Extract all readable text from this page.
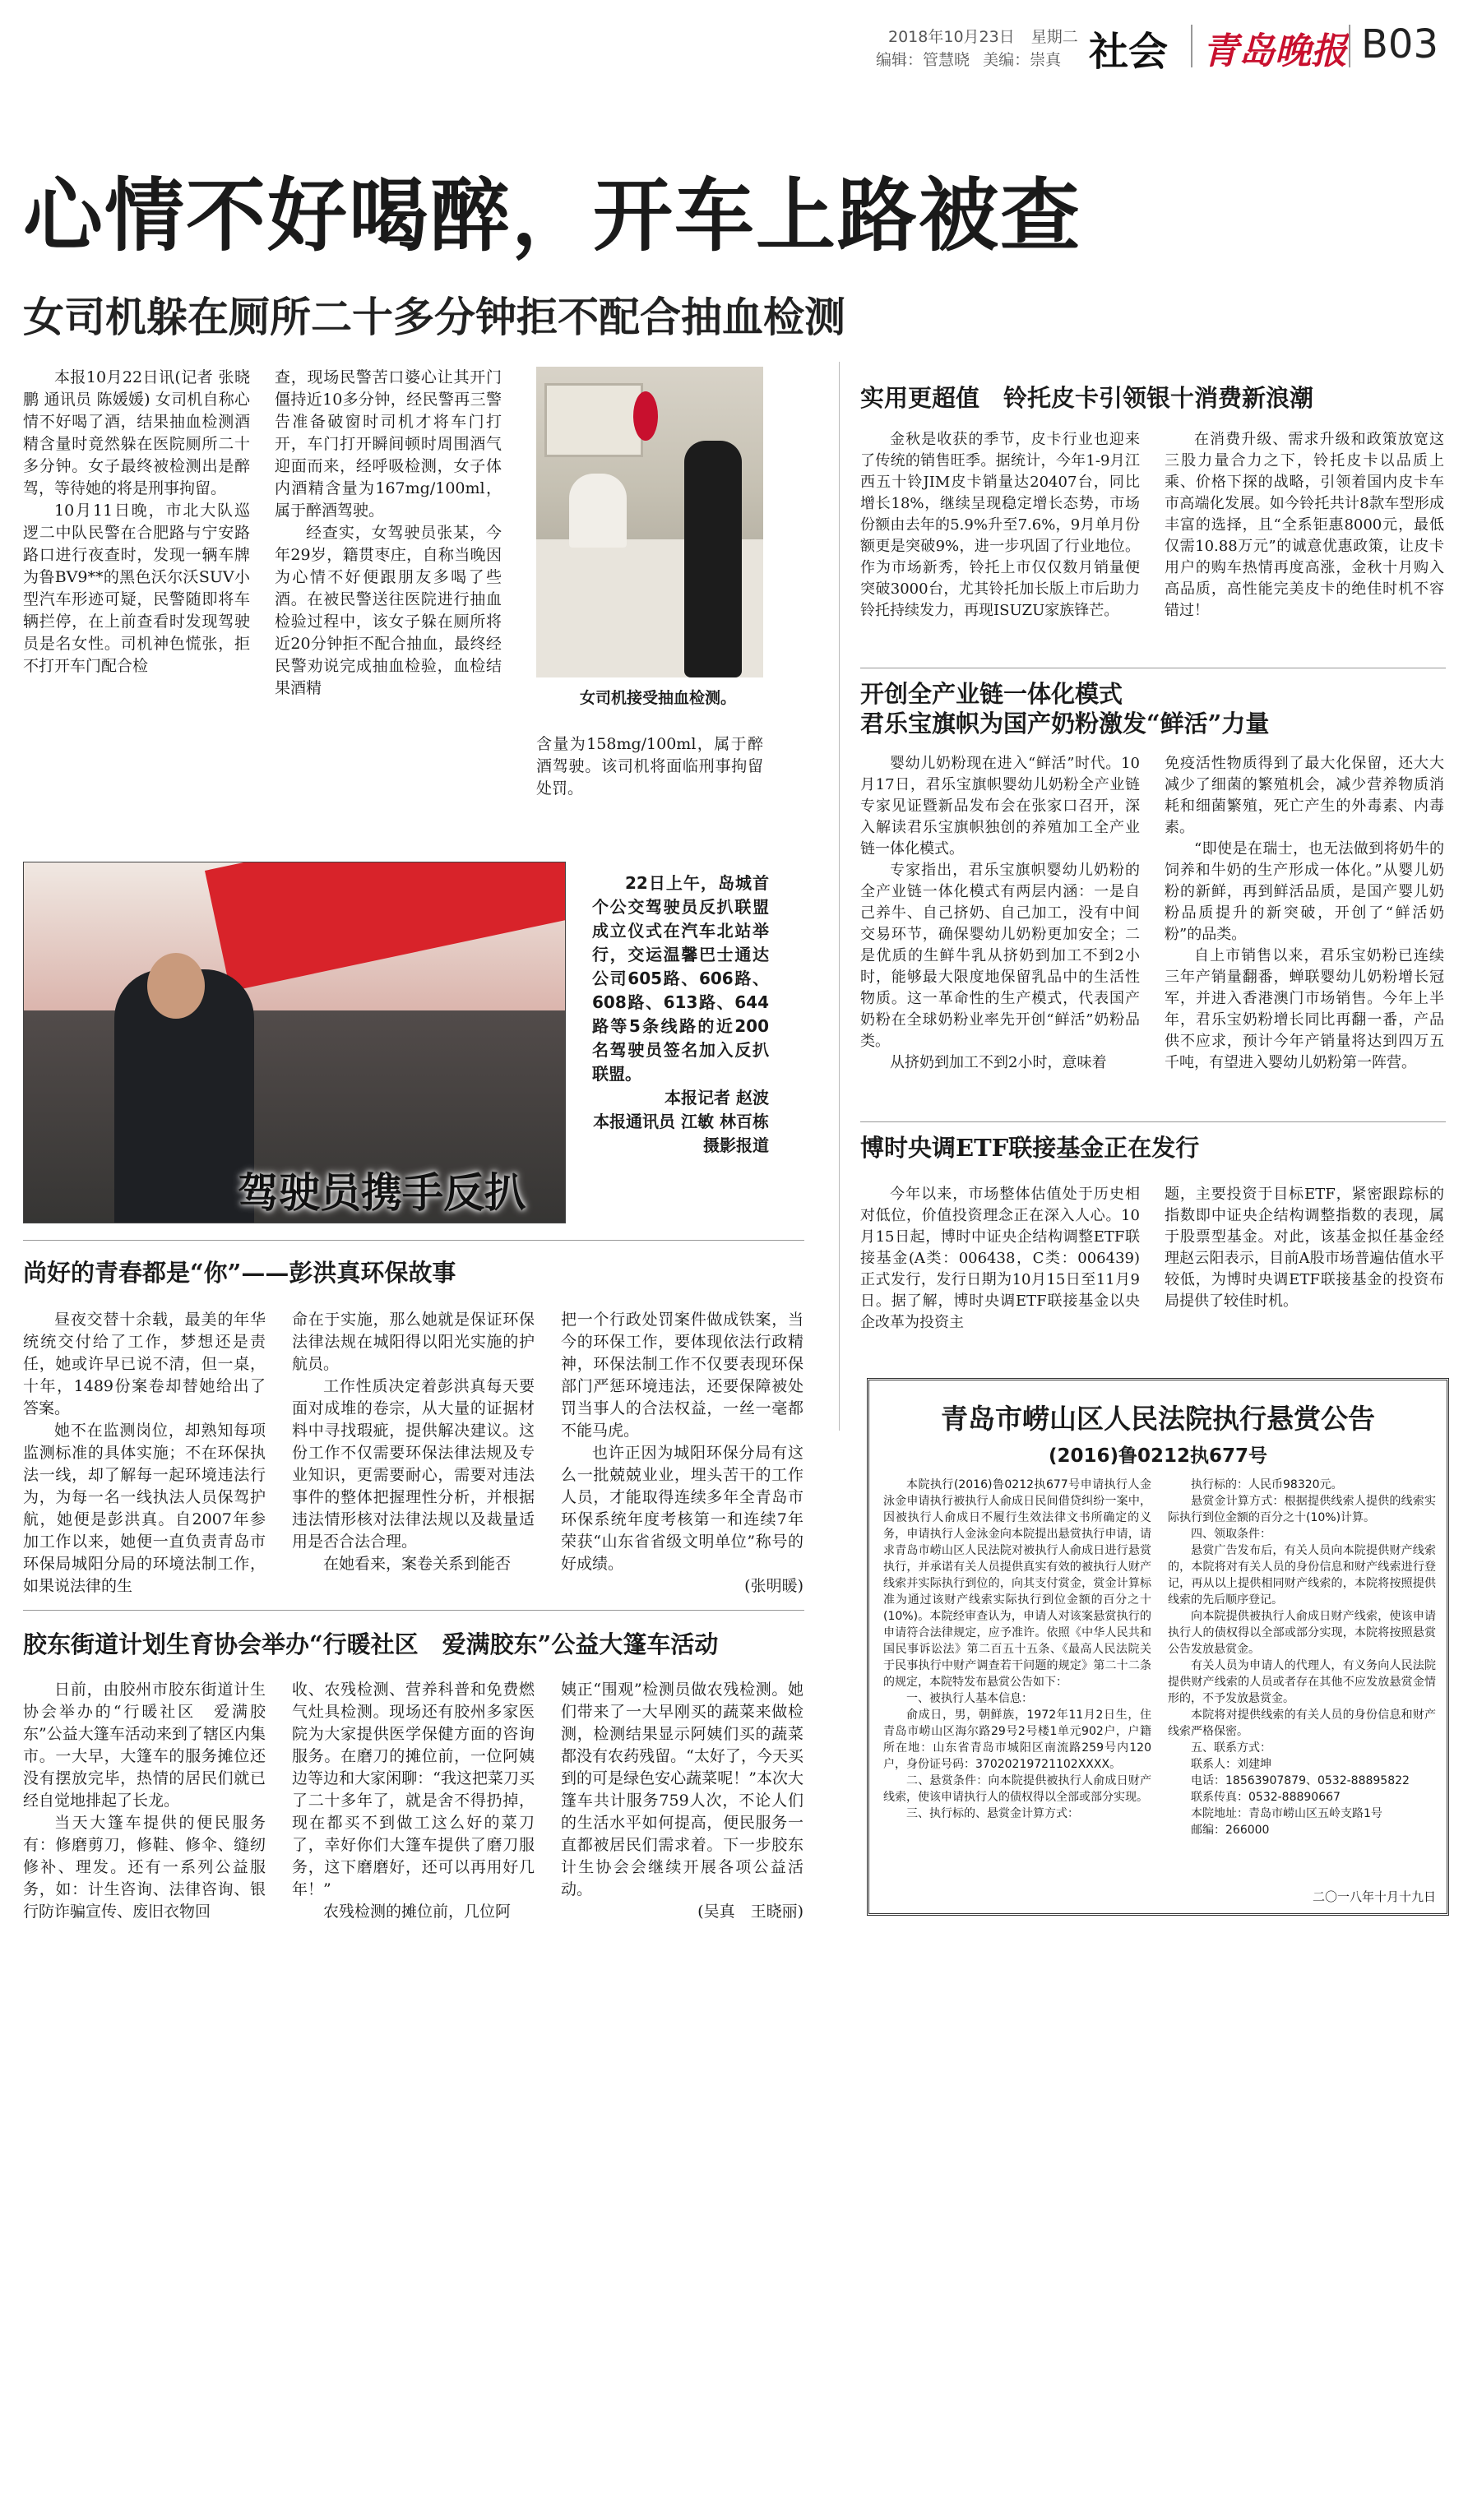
2018年10月23日 星期二
编辑：管慧晓 美编：崇真 社会 青岛晚报 B03
心情不好喝醉，开车上路被查
女司机躲在厕所二十多分钟拒不配合抽血检测

本报10月22日讯(记者 张晓鹏 通讯员 陈媛媛) 女司机自称心情不好喝了酒，结果抽血检测酒精含量时竟然躲在医院厕所二十多分钟。女子最终被检测出是醉驾，等待她的将是刑事拘留。

10月11日晚，市北大队巡逻二中队民警在合肥路与宁安路路口进行夜查时，发现一辆车牌为鲁BV9**的黑色沃尔沃SUV小型汽车形迹可疑，民警随即将车辆拦停，在上前查看时发现驾驶员是名女性。司机神色慌张，拒不打开车门配合检

查，现场民警苦口婆心让其开门僵持近10多分钟，经民警再三警告准备破窗时司机才将车门打开，车门打开瞬间顿时周围酒气迎面而来，经呼吸检测，女子体内酒精含量为167mg/100ml，属于醉酒驾驶。

经查实，女驾驶员张某，今年29岁，籍贯枣庄，自称当晚因为心情不好便跟朋友多喝了些酒。在被民警送往医院进行抽血检验过程中，该女子躲在厕所将近20分钟拒不配合抽血，最终经民警劝说完成抽血检验，血检结果酒精

女司机接受抽血检测。

含量为158mg/100ml，属于醉酒驾驶。该司机将面临刑事拘留处罚。

驾驶员携手反扒

22日上午，岛城首个公交驾驶员反扒联盟成立仪式在汽车北站举行，交运温馨巴士通达公司605路、606路、608路、613路、644路等5条线路的近200名驾驶员签名加入反扒联盟。

本报记者 赵波

本报通讯员 江敏 林百栋

摄影报道

尚好的青春都是“你”——彭洪真环保故事

昼夜交替十余载，最美的年华统统交付给了工作，梦想还是责任，她或许早已说不清，但一桌，十年，1489份案卷却替她给出了答案。

她不在监测岗位，却熟知每项监测标准的具体实施；不在环保执法一线，却了解每一起环境违法行为，为每一名一线执法人员保驾护航，她便是彭洪真。自2007年参加工作以来，她便一直负责青岛市环保局城阳分局的环境法制工作，如果说法律的生

命在于实施，那么她就是保证环保法律法规在城阳得以阳光实施的护航员。

工作性质决定着彭洪真每天要面对成堆的卷宗，从大量的证据材料中寻找瑕疵，提供解决建议。这份工作不仅需要环保法律法规及专业知识，更需要耐心，需要对违法事件的整体把握理性分析，并根据违法情形核对法律法规以及裁量适用是否合法合理。

在她看来，案卷关系到能否

把一个行政处罚案件做成铁案，当今的环保工作，要体现依法行政精神，环保法制工作不仅要表现环保部门严惩环境违法，还要保障被处罚当事人的合法权益，一丝一毫都不能马虎。

也许正因为城阳环保分局有这么一批兢兢业业，埋头苦干的工作人员，才能取得连续多年全青岛市环保系统年度考核第一和连续7年荣获“山东省省级文明单位”称号的好成绩。

(张明暖)

胶东街道计划生育协会举办“行暖社区　爱满胶东”公益大篷车活动

日前，由胶州市胶东街道计生协会举办的“行暖社区　爱满胶东”公益大篷车活动来到了辖区内集市。一大早，大篷车的服务摊位还没有摆放完毕，热情的居民们就已经自觉地排起了长龙。

当天大篷车提供的便民服务有：修磨剪刀，修鞋、修伞、缝纫修补、理发。还有一系列公益服务，如：计生咨询、法律咨询、银行防诈骗宣传、废旧衣物回

收、农残检测、营养科普和免费燃气灶具检测。现场还有胶州多家医院为大家提供医学保健方面的咨询服务。在磨刀的摊位前，一位阿姨边等边和大家闲聊：“我这把菜刀买了二十多年了，就是舍不得扔掉，现在都买不到做工这么好的菜刀了，幸好你们大篷车提供了磨刀服务，这下磨磨好，还可以再用好几年！”

农残检测的摊位前，几位阿

姨正“围观”检测员做农残检测。她们带来了一大早刚买的蔬菜来做检测，检测结果显示阿姨们买的蔬菜都没有农药残留。“太好了，今天买到的可是绿色安心蔬菜呢！”本次大篷车共计服务759人次，不论人们的生活水平如何提高，便民服务一直都被居民们需求着。下一步胶东计生协会会继续开展各项公益活动。

(吴真　王晓丽)

实用更超值　铃托皮卡引领银十消费新浪潮

金秋是收获的季节，皮卡行业也迎来了传统的销售旺季。据统计，今年1-9月江西五十铃JIM皮卡销量达20407台，同比增长18%，继续呈现稳定增长态势，市场份额由去年的5.9%升至7.6%，9月单月份额更是突破9%，进一步巩固了行业地位。作为市场新秀，铃托上市仅仅数月销量便突破3000台，尤其铃托加长版上市后助力铃托持续发力，再现ISUZU家族锋芒。

在消费升级、需求升级和政策放宽这三股力量合力之下，铃托皮卡以品质上乘、价格下探的战略，引领着国内皮卡车市高端化发展。如今铃托共计8款车型形成丰富的选择，且“全系钜惠8000元，最低仅需10.88万元”的诚意优惠政策，让皮卡用户的购车热情再度高涨，金秋十月购入高品质，高性能完美皮卡的绝佳时机不容错过！

开创全产业链一体化模式
君乐宝旗帜为国产奶粉激发“鲜活”力量

婴幼儿奶粉现在进入“鲜活”时代。10月17日，君乐宝旗帜婴幼儿奶粉全产业链专家见证暨新品发布会在张家口召开，深入解读君乐宝旗帜独创的养殖加工全产业链一体化模式。

专家指出，君乐宝旗帜婴幼儿奶粉的全产业链一体化模式有两层内涵：一是自己养牛、自己挤奶、自己加工，没有中间交易环节，确保婴幼儿奶粉更加安全；二是优质的生鲜牛乳从挤奶到加工不到2小时，能够最大限度地保留乳品中的生活性物质。这一革命性的生产模式，代表国产奶粉在全球奶粉业率先开创“鲜活”奶粉品类。

从挤奶到加工不到2小时，意味着

免疫活性物质得到了最大化保留，还大大减少了细菌的繁殖机会，减少营养物质消耗和细菌繁殖，死亡产生的外毒素、内毒素。

“即使是在瑞士，也无法做到将奶牛的饲养和牛奶的生产形成一体化。”从婴儿奶粉的新鲜，再到鲜活品质，是国产婴儿奶粉品质提升的新突破，开创了“鲜活奶粉”的品类。

自上市销售以来，君乐宝奶粉已连续三年产销量翻番，蝉联婴幼儿奶粉增长冠军，并进入香港澳门市场销售。今年上半年，君乐宝奶粉增长同比再翻一番，产品供不应求，预计今年产销量将达到四万五千吨，有望进入婴幼儿奶粉第一阵营。

博时央调ETF联接基金正在发行

今年以来，市场整体估值处于历史相对低位，价值投资理念正在深入人心。10月15日起，博时中证央企结构调整ETF联接基金(A类：006438，C类：006439)正式发行，发行日期为10月15日至11月9日。据了解，博时央调ETF联接基金以央企改革为投资主

题，主要投资于目标ETF，紧密跟踪标的指数即中证央企结构调整指数的表现，属于股票型基金。对此，该基金拟任基金经理赵云阳表示，目前A股市场普遍估值水平较低，为博时央调ETF联接基金的投资布局提供了较佳时机。

青岛市崂山区人民法院执行悬赏公告
(2016)鲁0212执677号

本院执行(2016)鲁0212执677号申请执行人金泳金申请执行被执行人俞成日民间借贷纠纷一案中，因被执行人俞成日不履行生效法律文书所确定的义务，申请执行人金泳金向本院提出悬赏执行申请，请求青岛市崂山区人民法院对被执行人俞成日进行悬赏执行，并承诺有关人员提供真实有效的被执行人财产线索并实际执行到位的，向其支付赏金，赏金计算标准为通过该财产线索实际执行到位金额的百分之十(10%)。本院经审查认为，申请人对该案悬赏执行的申请符合法律规定，应予准许。依照《中华人民共和国民事诉讼法》第二百五十五条、《最高人民法院关于民事执行中财产调查若干问题的规定》第二十二条的规定，本院特发布悬赏公告如下：

一、被执行人基本信息：

俞成日，男，朝鲜族，1972年11月2日生，住青岛市崂山区海尔路29号2号楼1单元902户，户籍所在地：山东省青岛市城阳区南流路259号内120户，身份证号码：37020219721102XXXX。

二、悬赏条件：向本院提供被执行人俞成日财产线索，使该申请执行人的债权得以全部或部分实现。

三、执行标的、悬赏金计算方式：

执行标的：人民币98320元。

悬赏金计算方式：根据提供线索人提供的线索实际执行到位金额的百分之十(10%)计算。

四、领取条件：

悬赏广告发布后，有关人员向本院提供财产线索的，本院将对有关人员的身份信息和财产线索进行登记，再从以上提供相同财产线索的，本院将按照提供线索的先后顺序登记。

向本院提供被执行人俞成日财产线索，使该申请执行人的债权得以全部或部分实现，本院将按照悬赏公告发放悬赏金。

有关人员为申请人的代理人，有义务向人民法院提供财产线索的人员或者存在其他不应发放悬赏金情形的，不予发放悬赏金。

本院将对提供线索的有关人员的身份信息和财产线索严格保密。

五、联系方式：

联系人：刘建坤

电话：18563907879、0532-88895822

联系传真：0532-88890667

本院地址：青岛市崂山区五岭支路1号

邮编：266000

二〇一八年十月十九日
